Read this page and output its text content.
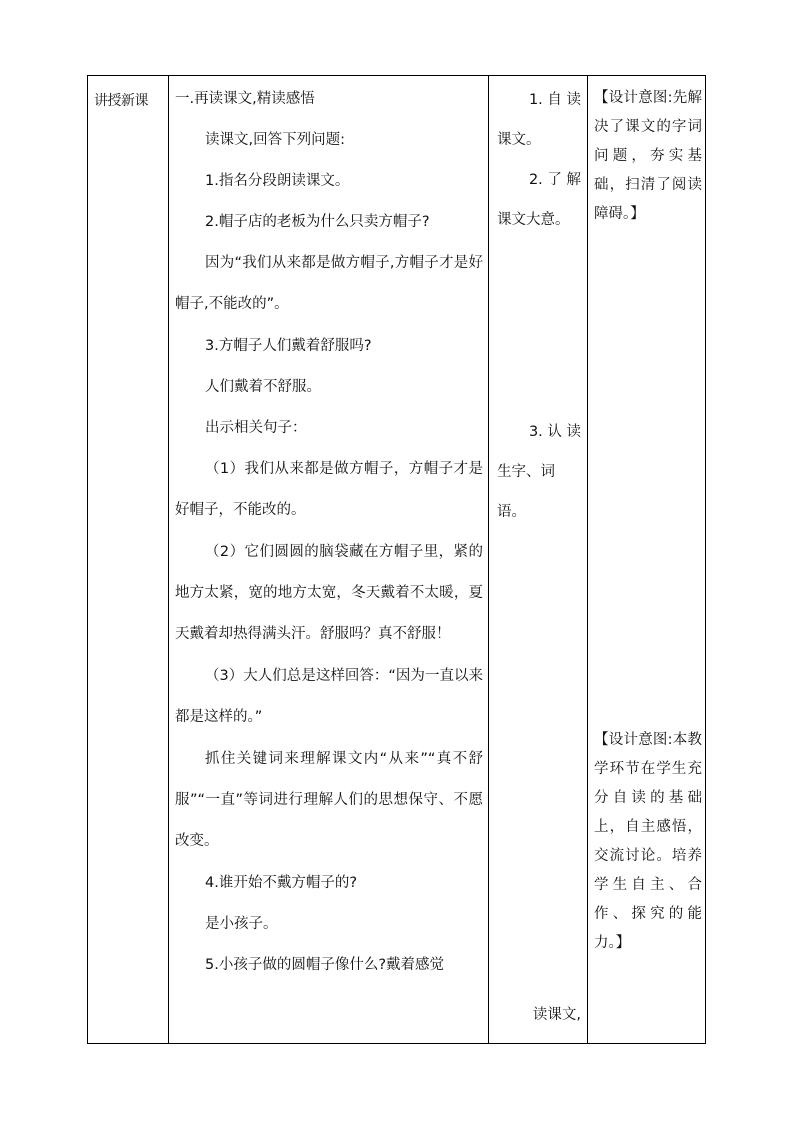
讲授新课 一.再读课文,精读感悟

读课文,回答下列问题:

1.指名分段朗读课文。

2.帽子店的老板为什么只卖方帽子?

因为“我们从来都是做方帽子,方帽子才是好帽子,不能改的”。

3.方帽子人们戴着舒服吗?

人们戴着不舒服。

出示相关句子：

（1）我们从来都是做方帽子，方帽子才是好帽子，不能改的。

（2）它们圆圆的脑袋藏在方帽子里，紧的地方太紧，宽的地方太宽，冬天戴着不太暖，夏天戴着却热得满头汗。舒服吗？真不舒服！

（3）大人们总是这样回答：“因为一直以来都是这样的。”

抓住关键词来理解课文内“从来”“真不舒服”“一直”等词进行理解人们的思想保守、不愿改变。

4.谁开始不戴方帽子的?

是小孩子。

5.小孩子做的圆帽子像什么?戴着感觉

1. 自 读
课文。
2. 了 解
课文大意。
3. 认 读
生字、词语。
读课文,
【设计意图:先解决了课文的字词问题，夯实基础，扫清了阅读障碍。】
【设计意图:本教学环节在学生充分自读的基础上，自主感悟，交流讨论。培养学生自主、合作、探究的能力。】
